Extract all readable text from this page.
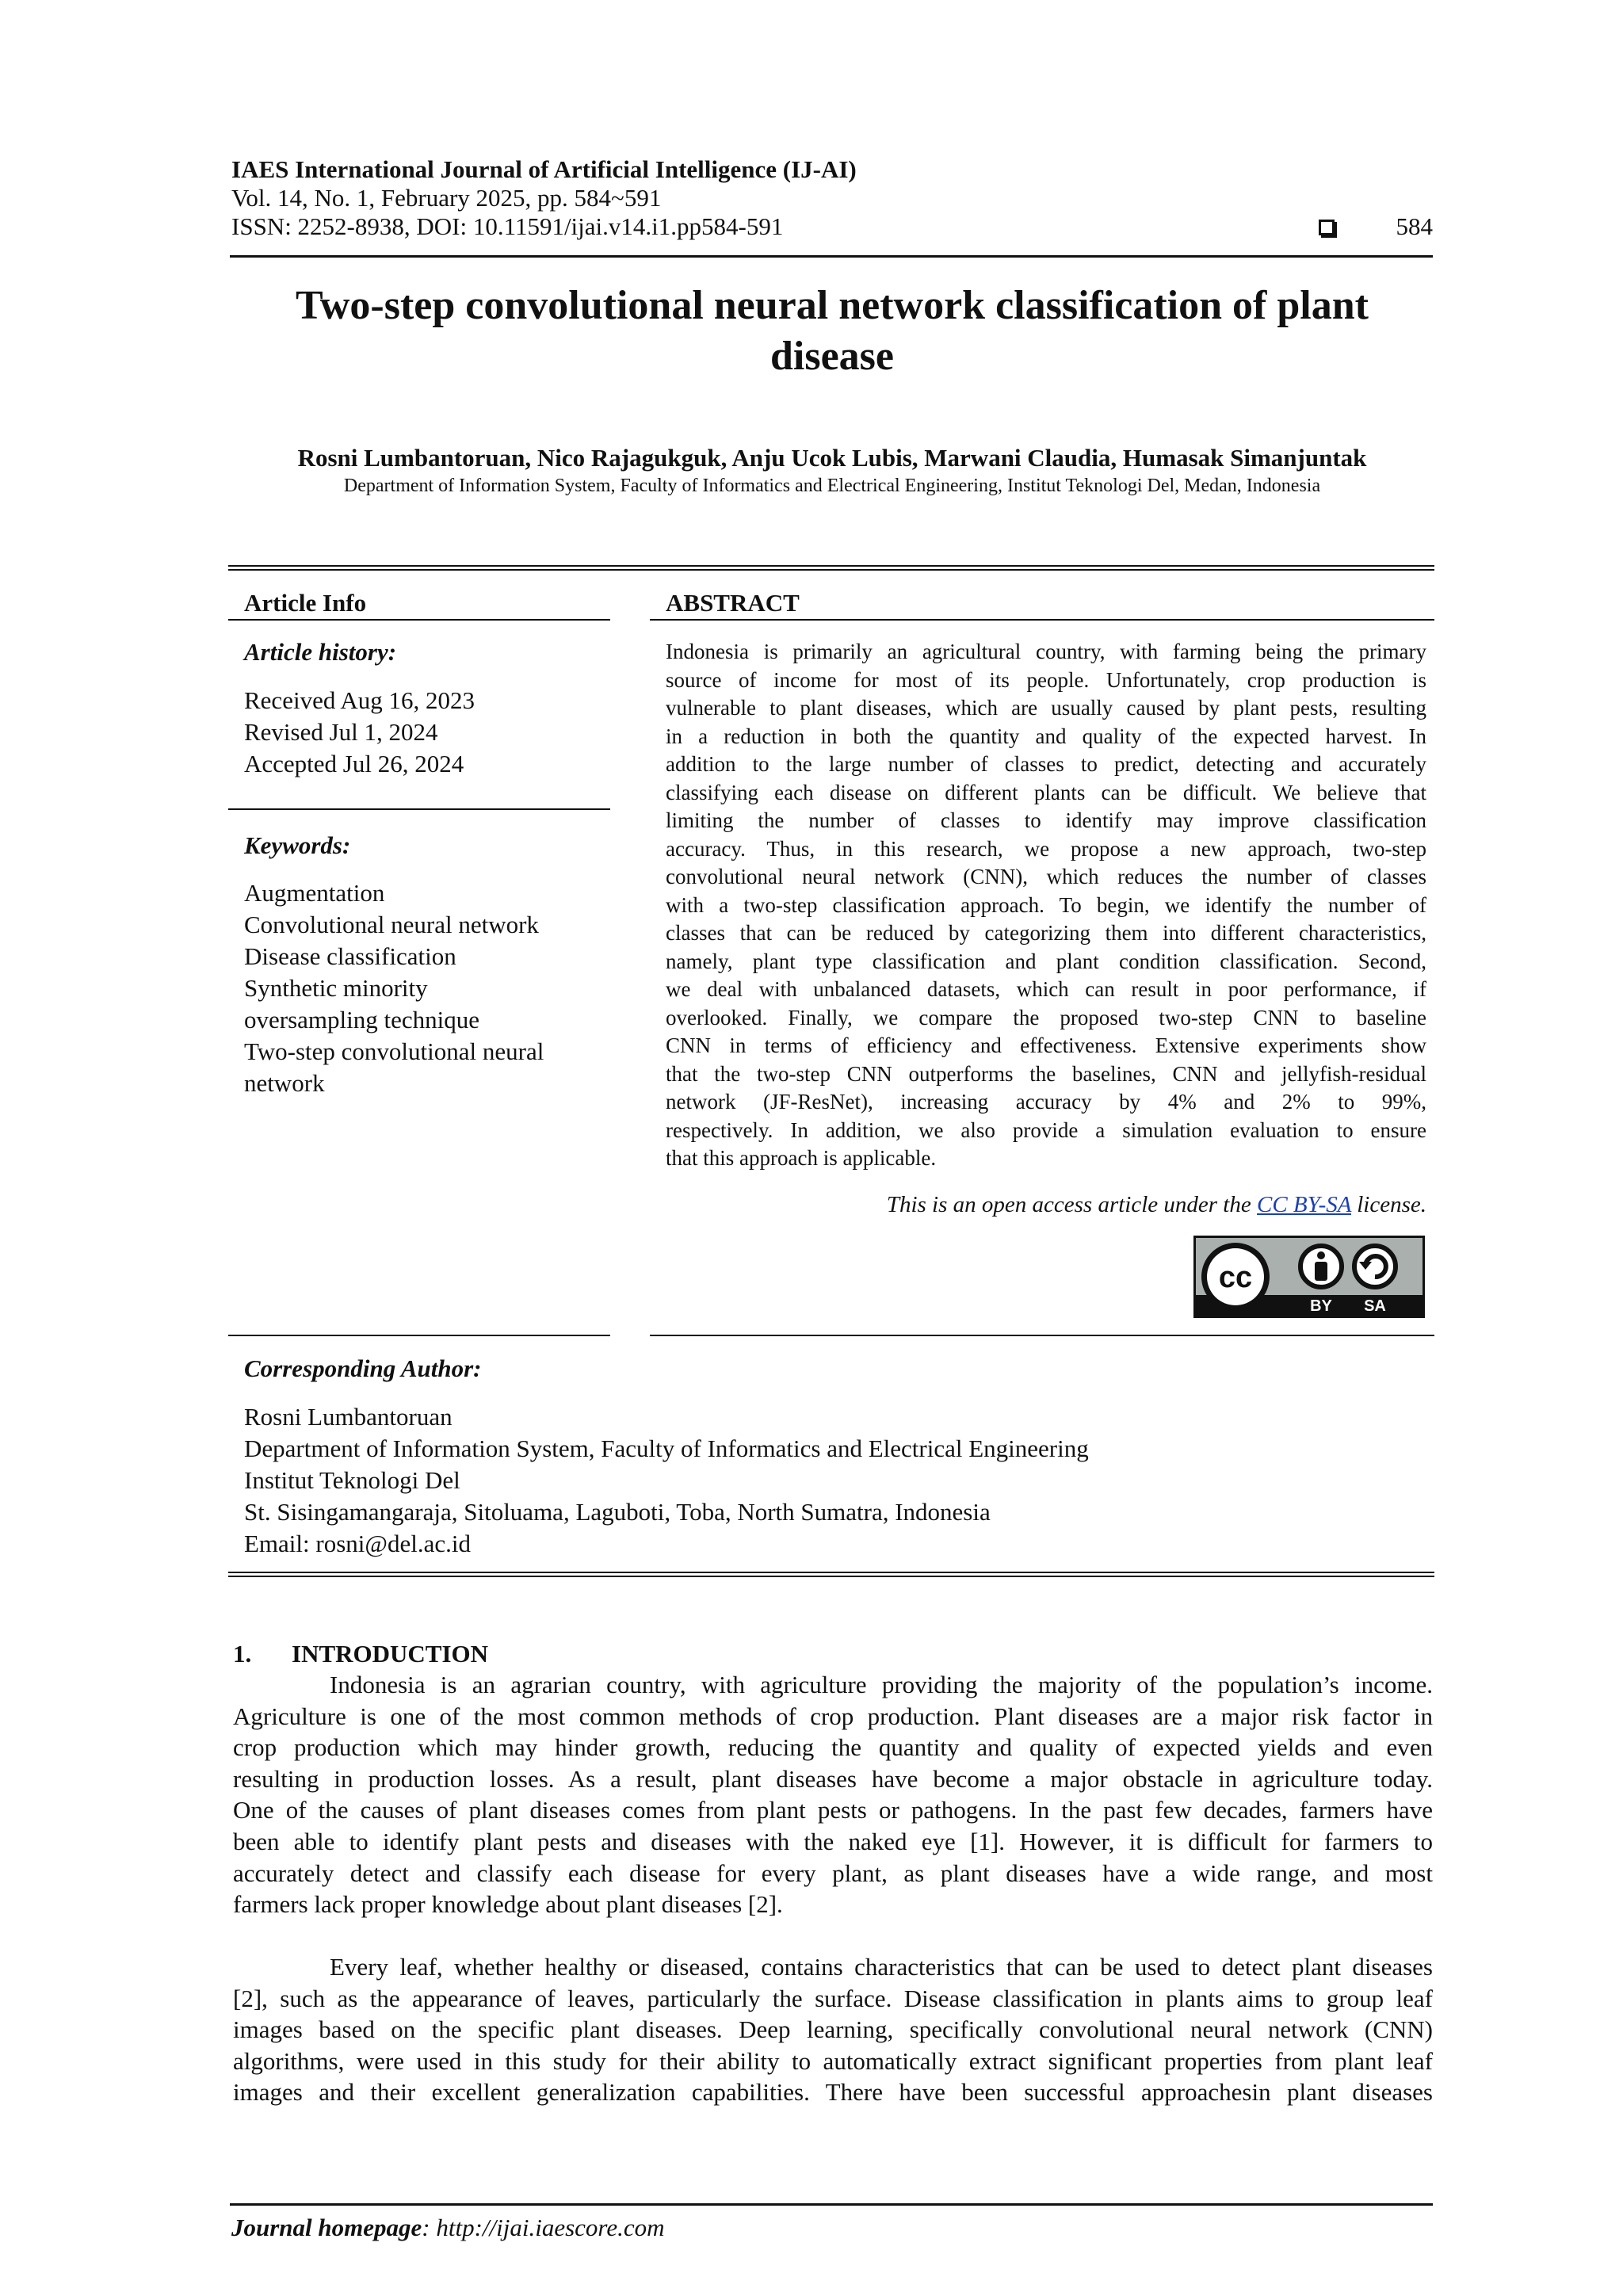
IAES International Journal of Artificial Intelligence (IJ-AI)
Vol. 14, No. 1, February 2025, pp. 584~591
ISSN: 2252-8938, DOI: 10.11591/ijai.v14.i1.pp584-591	584
Two-step convolutional neural network classification of plant
disease
Rosni Lumbantoruan, Nico Rajagukguk, Anju Ucok Lubis, Marwani Claudia, Humasak Simanjuntak
Department of Information System, Faculty of Informatics and Electrical Engineering, Institut Teknologi Del, Medan, Indonesia
Article Info	ABSTRACT
Article history:
Received Aug 16, 2023
Revised Jul 1, 2024
Accepted Jul 26, 2024
Keywords:
Augmentation
Convolutional neural network
Disease classification
Synthetic minority
oversampling technique
Two-step convolutional neural
network
Indonesia is primarily an agricultural country, with farming being the primary
source of income for most of its people. Unfortunately, crop production is
vulnerable to plant diseases, which are usually caused by plant pests, resulting
in a reduction in both the quantity and quality of the expected harvest. In
addition to the large number of classes to predict, detecting and accurately
classifying each disease on different plants can be difficult. We believe that
limiting the number of classes to identify may improve classification
accuracy. Thus, in this research, we propose a new approach, two-step
convolutional neural network (CNN), which reduces the number of classes
with a two-step classification approach. To begin, we identify the number of
classes that can be reduced by categorizing them into different characteristics,
namely, plant type classification and plant condition classification. Second,
we deal with unbalanced datasets, which can result in poor performance, if
overlooked. Finally, we compare the proposed two-step CNN to baseline
CNN in terms of efficiency and effectiveness. Extensive experiments show
that the two-step CNN outperforms the baselines, CNN and jellyfish-residual
network (JF-ResNet), increasing accuracy by 4% and 2% to 99%,
respectively. In addition, we also provide a simulation evaluation to ensure
that this approach is applicable.
This is an open access article under the CC BY-SA license.
cc
BY SA
Corresponding Author:
Rosni Lumbantoruan
Department of Information System, Faculty of Informatics and Electrical Engineering
Institut Teknologi Del
St. Sisingamangaraja, Sitoluama, Laguboti, Toba, North Sumatra, Indonesia
Email: rosni@del.ac.id
1. INTRODUCTION
Indonesia is an agrarian country, with agriculture providing the majority of the population’s income.
Agriculture is one of the most common methods of crop production. Plant diseases are a major risk factor in
crop production which may hinder growth, reducing the quantity and quality of expected yields and even
resulting in production losses. As a result, plant diseases have become a major obstacle in agriculture today.
One of the causes of plant diseases comes from plant pests or pathogens. In the past few decades, farmers have
been able to identify plant pests and diseases with the naked eye [1]. However, it is difficult for farmers to
accurately detect and classify each disease for every plant, as plant diseases have a wide range, and most
farmers lack proper knowledge about plant diseases [2].
Every leaf, whether healthy or diseased, contains characteristics that can be used to detect plant diseases
[2], such as the appearance of leaves, particularly the surface. Disease classification in plants aims to group leaf
images based on the specific plant diseases. Deep learning, specifically convolutional neural network (CNN)
algorithms, were used in this study for their ability to automatically extract significant properties from plant leaf
images and their excellent generalization capabilities. There have been successful approachesin plant diseases
Journal homepage: http://ijai.iaescore.com
